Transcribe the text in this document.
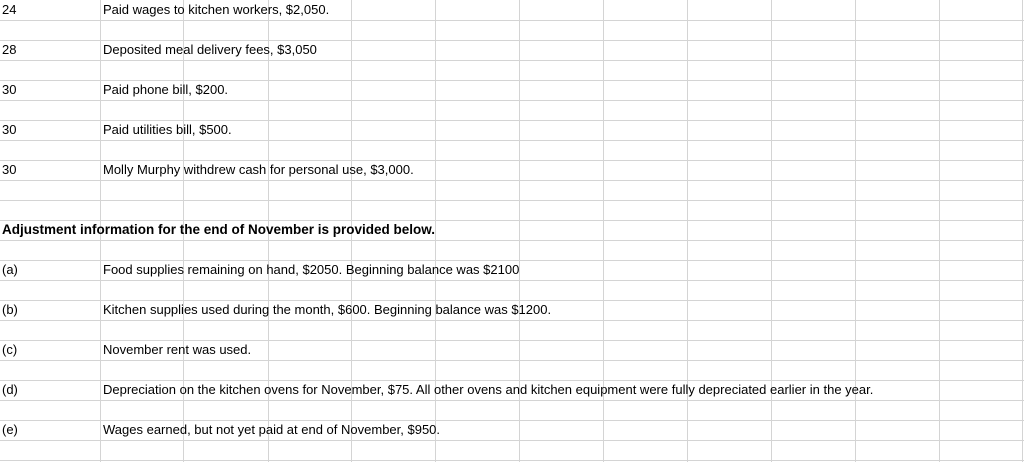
24	Paid wages to kitchen workers, $2,050.
28	Deposited meal delivery fees, $3,050
30	Paid phone bill, $200.
30	Paid utilities bill, $500.
30	Molly Murphy withdrew cash for personal use, $3,000.
Adjustment information for the end of November is provided below.
(a)	Food supplies remaining on hand, $2050. Beginning balance was $2100
(b)	Kitchen supplies used during the month, $600. Beginning balance was $1200.
(c)	November rent was used.
(d)	Depreciation on the kitchen ovens for November, $75. All other ovens and kitchen equipment were fully depreciated earlier in the year.
(e)	Wages earned, but not yet paid at end of November, $950.
